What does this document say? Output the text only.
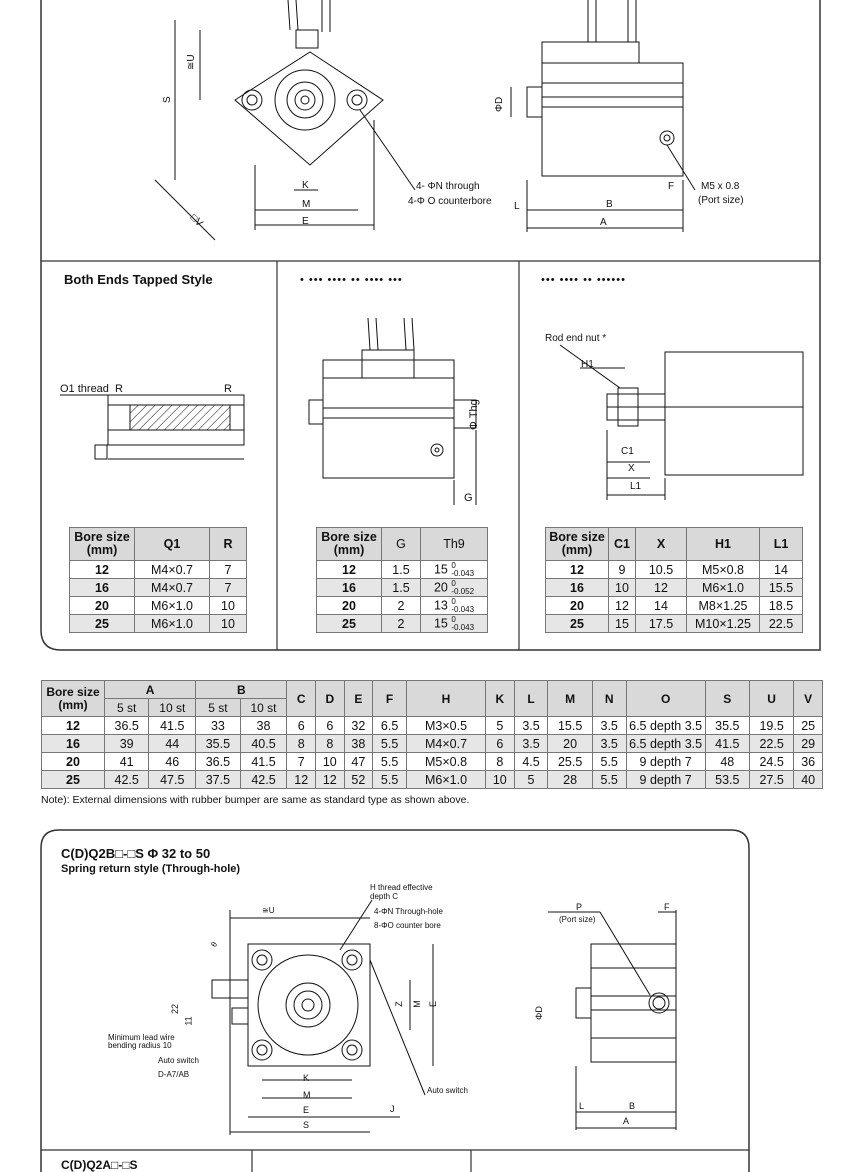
S
≅U
□V
K
M
E
4- ΦN through
4-Φ O counterbore
ΦD
F
L	B
A
M5 x 0.8
(Port size)
Both Ends Tapped Style
O1 thread R	R
• ••• •••• •• •••• •••
Φ Thg
G
••• •••• •• ••••••
Rod end nut *
H1
C1
X
L1
Bore size
(mm)	Q1	R
12	M4×0.7	7
16	M4×0.7	7
20	M6×1.0	10
25	M6×1.0	10
Bore size
(mm)	G	Th9
12	1.5	15 0
-0.043
16	1.5	20 0
-0.052
20	2	13 0
-0.043
25	2	15 0
-0.043
Bore size
(mm)	C1	X	H1	L1
12	9	10.5	M5×0.8	14
16	10	12	M6×1.0	15.5
20	12	14	M8×1.25	18.5
25	15	17.5	M10×1.25	22.5
Bore size
(mm)	A		B		C	D	E	F	H	K	L	M	N	O	S	U	V
	5 st	10 st	5 st	10 st													
12	36.5	41.5	33	38	6	6	32	6.5	M3×0.5	5	3.5	15.5	3.5	6.5 depth 3.5	35.5	19.5	25
16	39	44	35.5	40.5	8	8	38	5.5	M4×0.7	6	3.5	20	3.5	6.5 depth 3.5	41.5	22.5	29
20	41	46	36.5	41.5	7	10	47	5.5	M5×0.8	8	4.5	25.5	5.5	9 depth 7	48	24.5	36
25	42.5	47.5	37.5	42.5	12	12	52	5.5	M6×1.0	10	5	28	5.5	9 depth 7	53.5	27.5	40
Note): External dimensions with rubber bumper are same as standard type as shown above.
C(D)Q2B□-□S Φ 32 to 50
Spring return style (Through-hole)
H thread effective
depth C
4-ΦN Through-hole
8-ΦO counter bore
≅U
θ
22
11
Z M E
Minimum lead wire
bending radius 10
Auto switch
D-A7/AB
Auto switch
K
M
E
S
J
P
(Port size)
F
ΦD
L	B
A
C(D)Q2A□-□S
